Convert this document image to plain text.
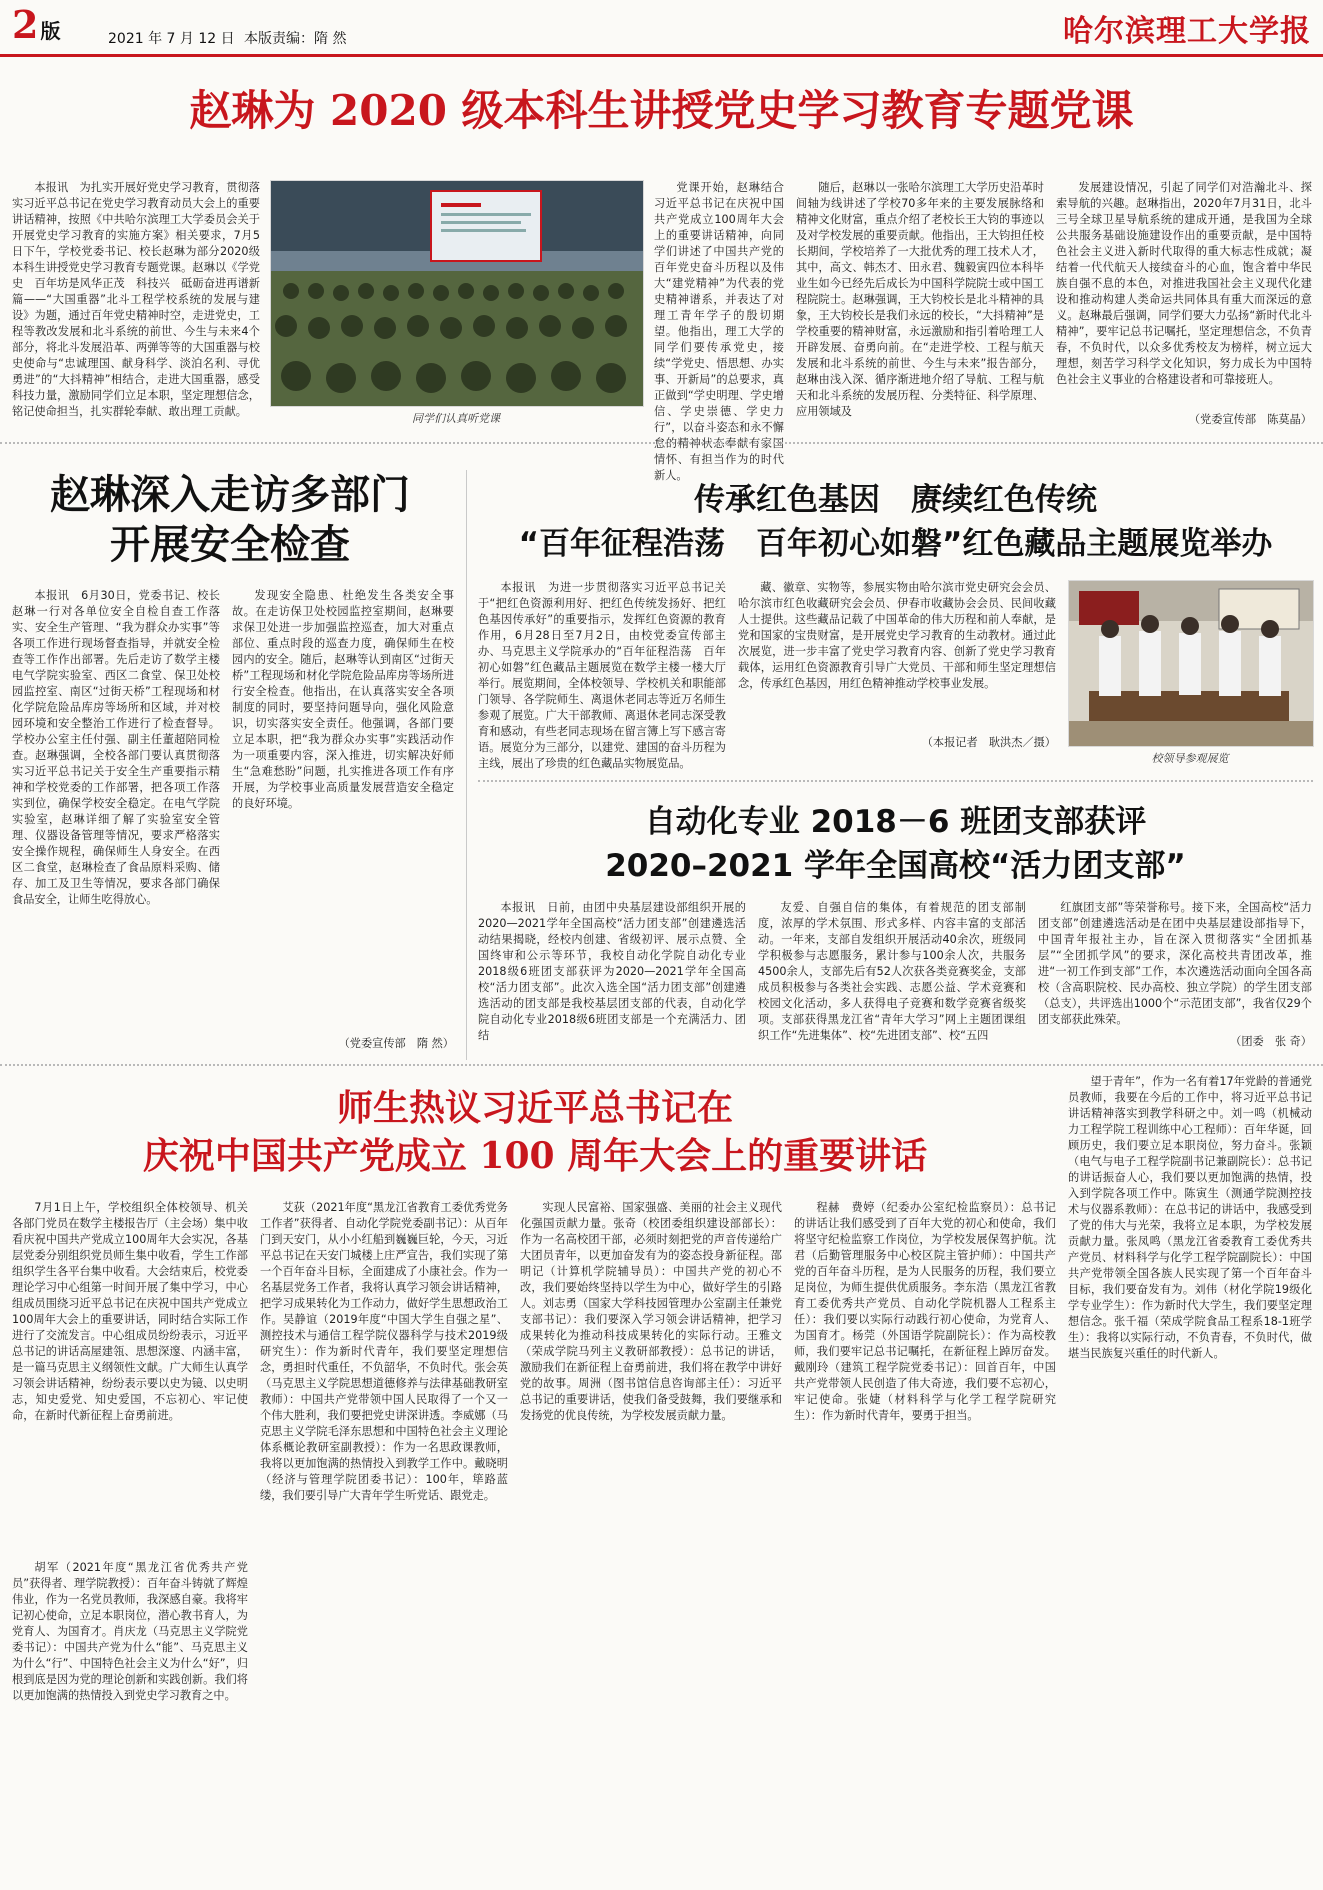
2 版	2021 年 7 月 12 日 本版责编：隋 然	哈尔滨理工大学报
赵琳为 2020 级本科生讲授党史学习教育专题党课

本报讯　为扎实开展好党史学习教育，贯彻落实习近平总书记在党史学习教育动员大会上的重要讲话精神，按照《中共哈尔滨理工大学委员会关于开展党史学习教育的实施方案》相关要求，7月5日下午，学校党委书记、校长赵琳为部分2020级本科生讲授党史学习教育专题党课。赵琳以《学党史　百年坊是风华正茂　科技兴　砥砺奋进再谱新篇——“大国重器”北斗工程学校系统的发展与建设》为题，通过百年党史精神时空，走进党史，工程等教改发展和北斗系统的前世、今生与未来4个部分，将北斗发展沿革、两弹等等的大国重器与校史使命与“忠诚理国、献身科学、淡泊名利、寻优勇进”的“大抖精神”相结合，走进大国重器，感受科技力量，激励同学们立足本职，坚定理想信念，铭记使命担当，扎实群轮奉献、敢出理工贡献。

同学们认真听党课

党课开始，赵琳结合习近平总书记在庆祝中国共产党成立100周年大会上的重要讲话精神，向同学们讲述了中国共产党的百年党史奋斗历程以及伟大“建党精神”为代表的党史精神谱系，并表达了对理工青年学子的殷切期望。他指出，理工大学的同学们要传承党史，接续“学党史、悟思想、办实事、开新局”的总要求，真正做到“学史明理、学史增信、学史崇德、学史力行”，以奋斗姿态和永不懈怠的精神状态奉献有家国情怀、有担当作为的时代新人。

随后，赵琳以一张哈尔滨理工大学历史沿革时间轴为线讲述了学校70多年来的主要发展脉络和精神文化财富，重点介绍了老校长王大钧的事迹以及对学校发展的重要贡献。他指出，王大钧担任校长期间，学校培养了一大批优秀的理工技术人才，其中，高文、韩杰才、田永君、魏毅寅四位本科毕业生如今已经先后成长为中国科学院院士或中国工程院院士。赵琳强调，王大钧校长是北斗精神的具象，王大钧校长是我们永远的校长，“大抖精神”是学校重要的精神财富，永远激励和指引着哈理工人开辟发展、奋勇向前。在“走进学校、工程与航天发展和北斗系统的前世、今生与未来”报告部分，赵琳由浅入深、循序渐进地介绍了导航、工程与航天和北斗系统的发展历程、分类特征、科学原理、应用领域及

发展建设情况，引起了同学们对浩瀚北斗、探索导航的兴趣。赵琳指出，2020年7月31日，北斗三号全球卫星导航系统的建成开通，是我国为全球公共服务基础设施建设作出的重要贡献，是中国特色社会主义进入新时代取得的重大标志性成就；凝结着一代代航天人接续奋斗的心血，饱含着中华民族自强不息的本色，对推进我国社会主义现代化建设和推动构建人类命运共同体具有重大而深远的意义。赵琳最后强调，同学们要大力弘扬“新时代北斗精神”，要牢记总书记嘱托，坚定理想信念，不负青春，不负时代，以众多优秀校友为榜样，树立远大理想，刻苦学习科学文化知识，努力成长为中国特色社会主义事业的合格建设者和可靠接班人。

（党委宣传部　陈莫晶）
赵琳深入走访多部门
开展安全检查

本报讯　6月30日，党委书记、校长赵琳一行对各单位安全自检自查工作落实、安全生产管理、“我为群众办实事”等各项工作进行现场督查指导，并就安全检查等工作作出部署。先后走访了数学主楼电气学院实验室、西区二食堂、保卫处校园监控室、南区“过街天桥”工程现场和材化学院危险品库房等场所和区域，并对校园环境和安全整治工作进行了检查督导。学校办公室主任付强、副主任董超陪同检查。赵琳强调，全校各部门要认真贯彻落实习近平总书记关于安全生产重要指示精神和学校党委的工作部署，把各项工作落实到位，确保学校安全稳定。在电气学院实验室，赵琳详细了解了实验室安全管理、仪器设备管理等情况，要求严格落实安全操作规程，确保师生人身安全。在西区二食堂，赵琳检查了食品原料采购、储存、加工及卫生等情况，要求各部门确保食品安全，让师生吃得放心。

发现安全隐患、杜绝发生各类安全事故。在走访保卫处校园监控室期间，赵琳要求保卫处进一步加强监控巡查，加大对重点部位、重点时段的巡查力度，确保师生在校园内的安全。随后，赵琳等认到南区“过街天桥”工程现场和材化学院危险品库房等场所进行安全检查。他指出，在认真落实安全各项制度的同时，要坚持问题导向，强化风险意识，切实落实安全责任。他强调，各部门要立足本职，把“我为群众办实事”实践活动作为一项重要内容，深入推进，切实解决好师生“急难愁盼”问题，扎实推进各项工作有序开展，为学校事业高质量发展营造安全稳定的良好环境。

（党委宣传部　隋 然）
传承红色基因　赓续红色传统
“百年征程浩荡　百年初心如磐”红色藏品主题展览举办

本报讯　为进一步贯彻落实习近平总书记关于“把红色资源利用好、把红色传统发扬好、把红色基因传承好”的重要指示，发挥红色资源的教育作用，6月28日至7月2日，由校党委宣传部主办、马克思主义学院承办的“百年征程浩荡　百年初心如磐”红色藏品主题展览在数学主楼一楼大厅举行。展览期间，全体校领导、学校机关和职能部门领导、各学院师生、离退休老同志等近万名师生参观了展览。广大干部教师、离退休老同志深受教育和感动，有些老同志现场在留言簿上写下感言寄语。展览分为三部分，以建党、建国的奋斗历程为主线，展出了珍贵的红色藏品实物展览品。

藏、徽章、实物等，参展实物由哈尔滨市党史研究会会员、哈尔滨市红色收藏研究会会员、伊春市收藏协会会员、民间收藏人士提供。这些藏品记载了中国革命的伟大历程和前人奉献，是党和国家的宝贵财富，是开展党史学习教育的生动教材。通过此次展览，进一步丰富了党史学习教育内容、创新了党史学习教育载体，运用红色资源教育引导广大党员、干部和师生坚定理想信念，传承红色基因，用红色精神推动学校事业发展。

（本报记者　耿洪杰／摄）
校领导参观展览
自动化专业 2018－6 班团支部获评
2020–2021 学年全国高校“活力团支部”

本报讯　日前，由团中央基层建设部组织开展的2020—2021学年全国高校“活力团支部”创建遴选活动结果揭晓，经校内创建、省级初评、展示点赞、全国终审和公示等环节，我校自动化学院自动化专业2018级6班团支部获评为2020—2021学年全国高校“活力团支部”。此次入选全国“活力团支部”创建遴选活动的团支部是我校基层团支部的代表，自动化学院自动化专业2018级6班团支部是一个充满活力、团结

友爱、自强自信的集体，有着规范的团支部制度，浓厚的学术氛围、形式多样、内容丰富的支部活动。一年来，支部自发组织开展活动40余次，班级同学积极参与志愿服务，累计参与100余人次，共服务4500余人，支部先后有52人次获各类竞赛奖金，支部成员积极参与各类社会实践、志愿公益、学术竞赛和校园文化活动，多人获得电子竞赛和数学竞赛省级奖项。支部获得黑龙江省“青年大学习”网上主题团课组织工作“先进集体”、校“先进团支部”、校“五四

红旗团支部”等荣誉称号。接下来，全国高校“活力团支部”创建遴选活动是在团中央基层建设部指导下，中国青年报社主办，旨在深入贯彻落实“全团抓基层”“全团抓学风”的要求，深化高校共青团改革，推进“一初工作到支部”工作，本次遴选活动面向全国各高校（含高职院校、民办高校、独立学院）的学生团支部（总支），共评选出1000个“示范团支部”，我省仅29个团支部获此殊荣。

（团委　张 奇）
师生热议习近平总书记在
庆祝中国共产党成立 100 周年大会上的重要讲话

7月1日上午，学校组织全体校领导、机关各部门党员在数学主楼报告厅（主会场）集中收看庆祝中国共产党成立100周年大会实况，各基层党委分别组织党员师生集中收看，学生工作部组织学生各平台集中收看。大会结束后，校党委理论学习中心组第一时间开展了集中学习，中心组成员围绕习近平总书记在庆祝中国共产党成立100周年大会上的重要讲话，同时结合实际工作进行了交流发言。中心组成员纷纷表示，习近平总书记的讲话高屋建瓴、思想深邃、内涵丰富，是一篇马克思主义纲领性文献。广大师生认真学习领会讲话精神，纷纷表示要以史为镜、以史明志，知史爱党、知史爱国，不忘初心、牢记使命，在新时代新征程上奋勇前进。

胡军（2021年度“黑龙江省优秀共产党员”获得者、理学院教授）：百年奋斗铸就了辉煌伟业，作为一名党员教师，我深感自豪。我将牢记初心使命，立足本职岗位，潜心教书育人，为党育人、为国育才。肖庆龙（马克思主义学院党委书记）：中国共产党为什么“能”、马克思主义为什么“行”、中国特色社会主义为什么“好”，归根到底是因为党的理论创新和实践创新。我们将以更加饱满的热情投入到党史学习教育之中。

艾荻（2021年度“黑龙江省教育工委优秀党务工作者”获得者、自动化学院党委副书记）：从百年门到天安门，从小小红船到巍巍巨轮，今天，习近平总书记在天安门城楼上庄严宣告，我们实现了第一个百年奋斗目标，全面建成了小康社会。作为一名基层党务工作者，我将认真学习领会讲话精神，把学习成果转化为工作动力，做好学生思想政治工作。吴静谊（2019年度“中国大学生自强之星”、测控技术与通信工程学院仪器科学与技术2019级研究生）：作为新时代青年，我们要坚定理想信念，勇担时代重任，不负韶华，不负时代。张会英（马克思主义学院思想道德修养与法律基础教研室教师）：中国共产党带领中国人民取得了一个又一个伟大胜利，我们要把党史讲深讲透。李威娜（马克思主义学院毛泽东思想和中国特色社会主义理论体系概论教研室副教授）：作为一名思政课教师，我将以更加饱满的热情投入到教学工作中。戴晓明（经济与管理学院团委书记）：100年，筚路蓝缕，我们要引导广大青年学生听党话、跟党走。

实现人民富裕、国家强盛、美丽的社会主义现代化强国贡献力量。张奇（校团委组织建设部部长）：作为一名高校团干部，必须时刻把党的声音传递给广大团员青年，以更加奋发有为的姿态投身新征程。邵明记（计算机学院辅导员）：中国共产党的初心不改，我们要始终坚持以学生为中心，做好学生的引路人。刘志勇（国家大学科技园管理办公室副主任兼党支部书记）：我们要深入学习领会讲话精神，把学习成果转化为推动科技成果转化的实际行动。王雅文（荣成学院马列主义教研部教授）：总书记的讲话，激励我们在新征程上奋勇前进，我们将在教学中讲好党的故事。周洲（图书馆信息咨询部主任）：习近平总书记的重要讲话，使我们备受鼓舞，我们要继承和发扬党的优良传统，为学校发展贡献力量。

程赫　费婷（纪委办公室纪检监察员）：总书记的讲话让我们感受到了百年大党的初心和使命，我们将坚守纪检监察工作岗位，为学校发展保驾护航。沈君（后勤管理服务中心校区院主管护师）：中国共产党的百年奋斗历程，是为人民服务的历程，我们要立足岗位，为师生提供优质服务。李东浩（黑龙江省教育工委优秀共产党员、自动化学院机器人工程系主任）：我们要以实际行动践行初心使命，为党育人、为国育才。杨莞（外国语学院副院长）：作为高校教师，我们要牢记总书记嘱托，在新征程上踔厉奋发。戴刚玲（建筑工程学院党委书记）：回首百年，中国共产党带领人民创造了伟大奇迹，我们要不忘初心，牢记使命。张婕（材料科学与化学工程学院研究生）：作为新时代青年，要勇于担当。

望于青年”，作为一名有着17年党龄的普通党员教师，我要在今后的工作中，将习近平总书记讲话精神落实到教学科研之中。刘一鸣（机械动力工程学院工程训练中心工程师）：百年华诞，回顾历史，我们要立足本职岗位，努力奋斗。张颖（电气与电子工程学院副书记兼副院长）：总书记的讲话振奋人心，我们要以更加饱满的热情，投入到学院各项工作中。陈寅生（测通学院测控技术与仪器系教师）：在总书记的讲话中，我感受到了党的伟大与光荣，我将立足本职，为学校发展贡献力量。张凤鸣（黑龙江省委教育工委优秀共产党员、材料科学与化学工程学院副院长）：中国共产党带领全国各族人民实现了第一个百年奋斗目标，我们要奋发有为。刘伟（材化学院19级化学专业学生）：作为新时代大学生，我们要坚定理想信念。张千福（荣成学院食品工程系18-1班学生）：我将以实际行动，不负青春，不负时代，做堪当民族复兴重任的时代新人。
